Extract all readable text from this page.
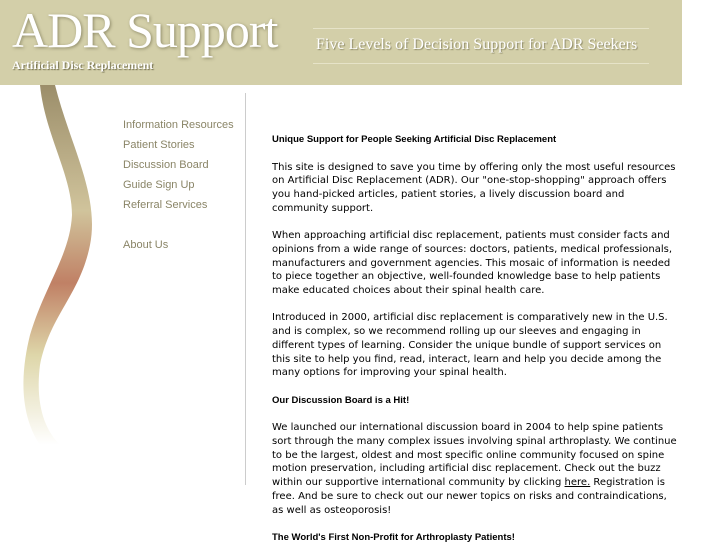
ADR Support
Artificial Disc Replacement
Five Levels of Decision Support for ADR Seekers
Information Resources
Patient Stories
Discussion Board
Guide Sign Up
Referral Services
About Us
Unique Support for People Seeking Artificial Disc Replacement

This site is designed to save you time by offering only the most useful resources on Artificial Disc Replacement (ADR). Our "one-stop-shopping" approach offers you hand-picked articles, patient stories, a lively discussion board and community support.

When approaching artificial disc replacement, patients must consider facts and opinions from a wide range of sources: doctors, patients, medical professionals, manufacturers and government agencies. This mosaic of information is needed to piece together an objective, well-founded knowledge base to help patients make educated choices about their spinal health care.

Introduced in 2000, artificial disc replacement is comparatively new in the U.S. and is complex, so we recommend rolling up our sleeves and engaging in different types of learning. Consider the unique bundle of support services on this site to help you find, read, interact, learn and help you decide among the many options for improving your spinal health.

Our Discussion Board is a Hit!

We launched our international discussion board in 2004 to help spine patients sort through the many complex issues involving spinal arthroplasty. We continue to be the largest, oldest and most specific online community focused on spine motion preservation, including artificial disc replacement. Check out the buzz within our supportive international community by clicking here. Registration is free. And be sure to check out our newer topics on risks and contraindications, as well as osteoporosis!

The World's First Non-Profit for Arthroplasty Patients!
